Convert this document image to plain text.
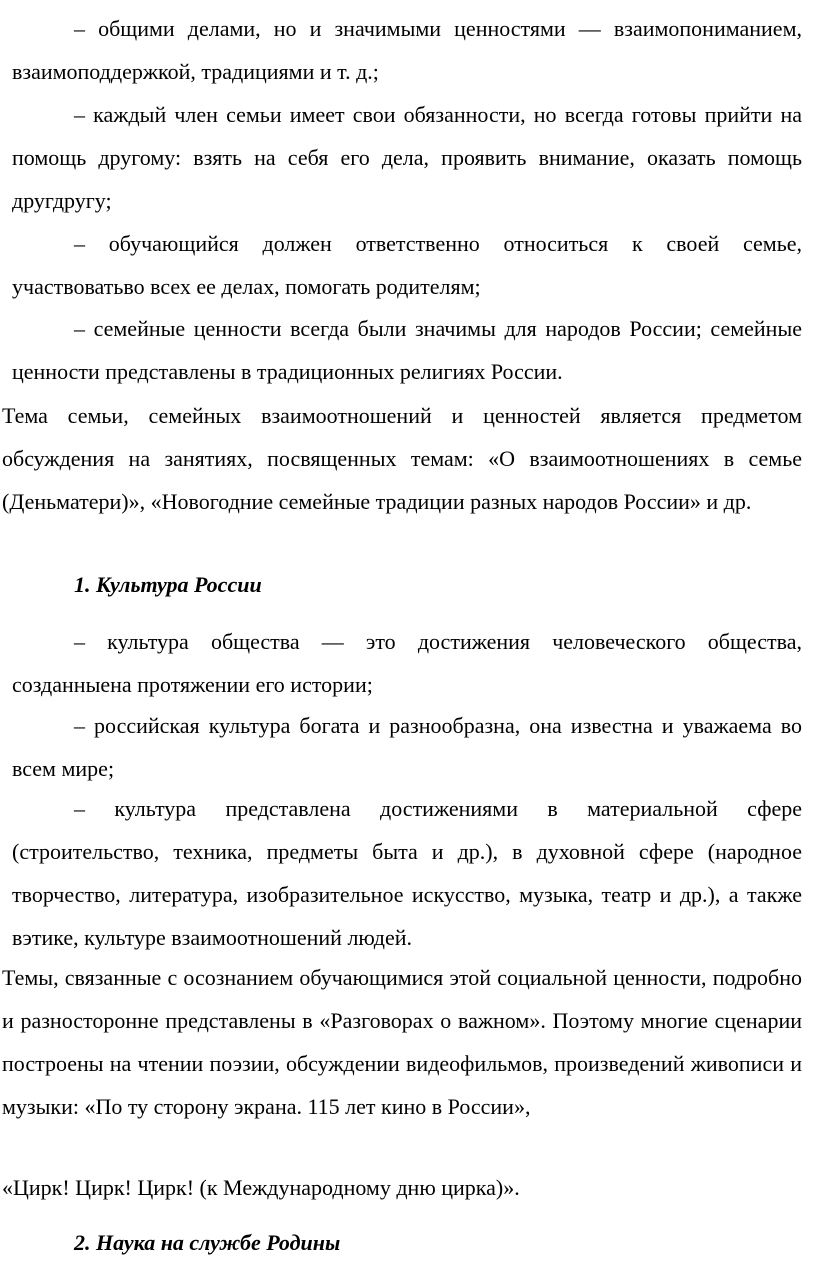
– общими делами, но и значимыми ценностями — взаимопониманием, взаимоподдержкой, традициями и т. д.;

– каждый член семьи имеет свои обязанности, но всегда готовы прийти на помощь другому: взять на себя его дела, проявить внимание, оказать помощь другдругу;

– обучающийся должен ответственно относиться к своей семье, участвоватьво всех ее делах, помогать родителям;

– семейные ценности всегда были значимы для народов России; семейные ценности представлены в традиционных религиях России.

Тема семьи, семейных взаимоотношений и ценностей является предметом обсуждения на занятиях, посвященных темам: «О взаимоотношениях в семье (Деньматери)», «Новогодние семейные традиции разных народов России» и др.

1. Культура России

– культура общества — это достижения человеческого общества, созданныена протяжении его истории;

– российская культура богата и разнообразна, она известна и уважаема во всем мире;

– культура представлена достижениями в материальной сфере (строительство, техника, предметы быта и др.), в духовной сфере (народное творчество, литература, изобразительное искусство, музыка, театр и др.), а также вэтике, культуре взаимоотношений людей.

Темы, связанные с осознанием обучающимися этой социальной ценности, подробно и разносторонне представлены в «Разговорах о важном». Поэтому многие сценарии построены на чтении поэзии, обсуждении видеофильмов, произведений живописи и музыки: «По ту сторону экрана. 115 лет кино в России»,

«Цирк! Цирк! Цирк! (к Международному дню цирка)».

2. Наука на службе Родины
